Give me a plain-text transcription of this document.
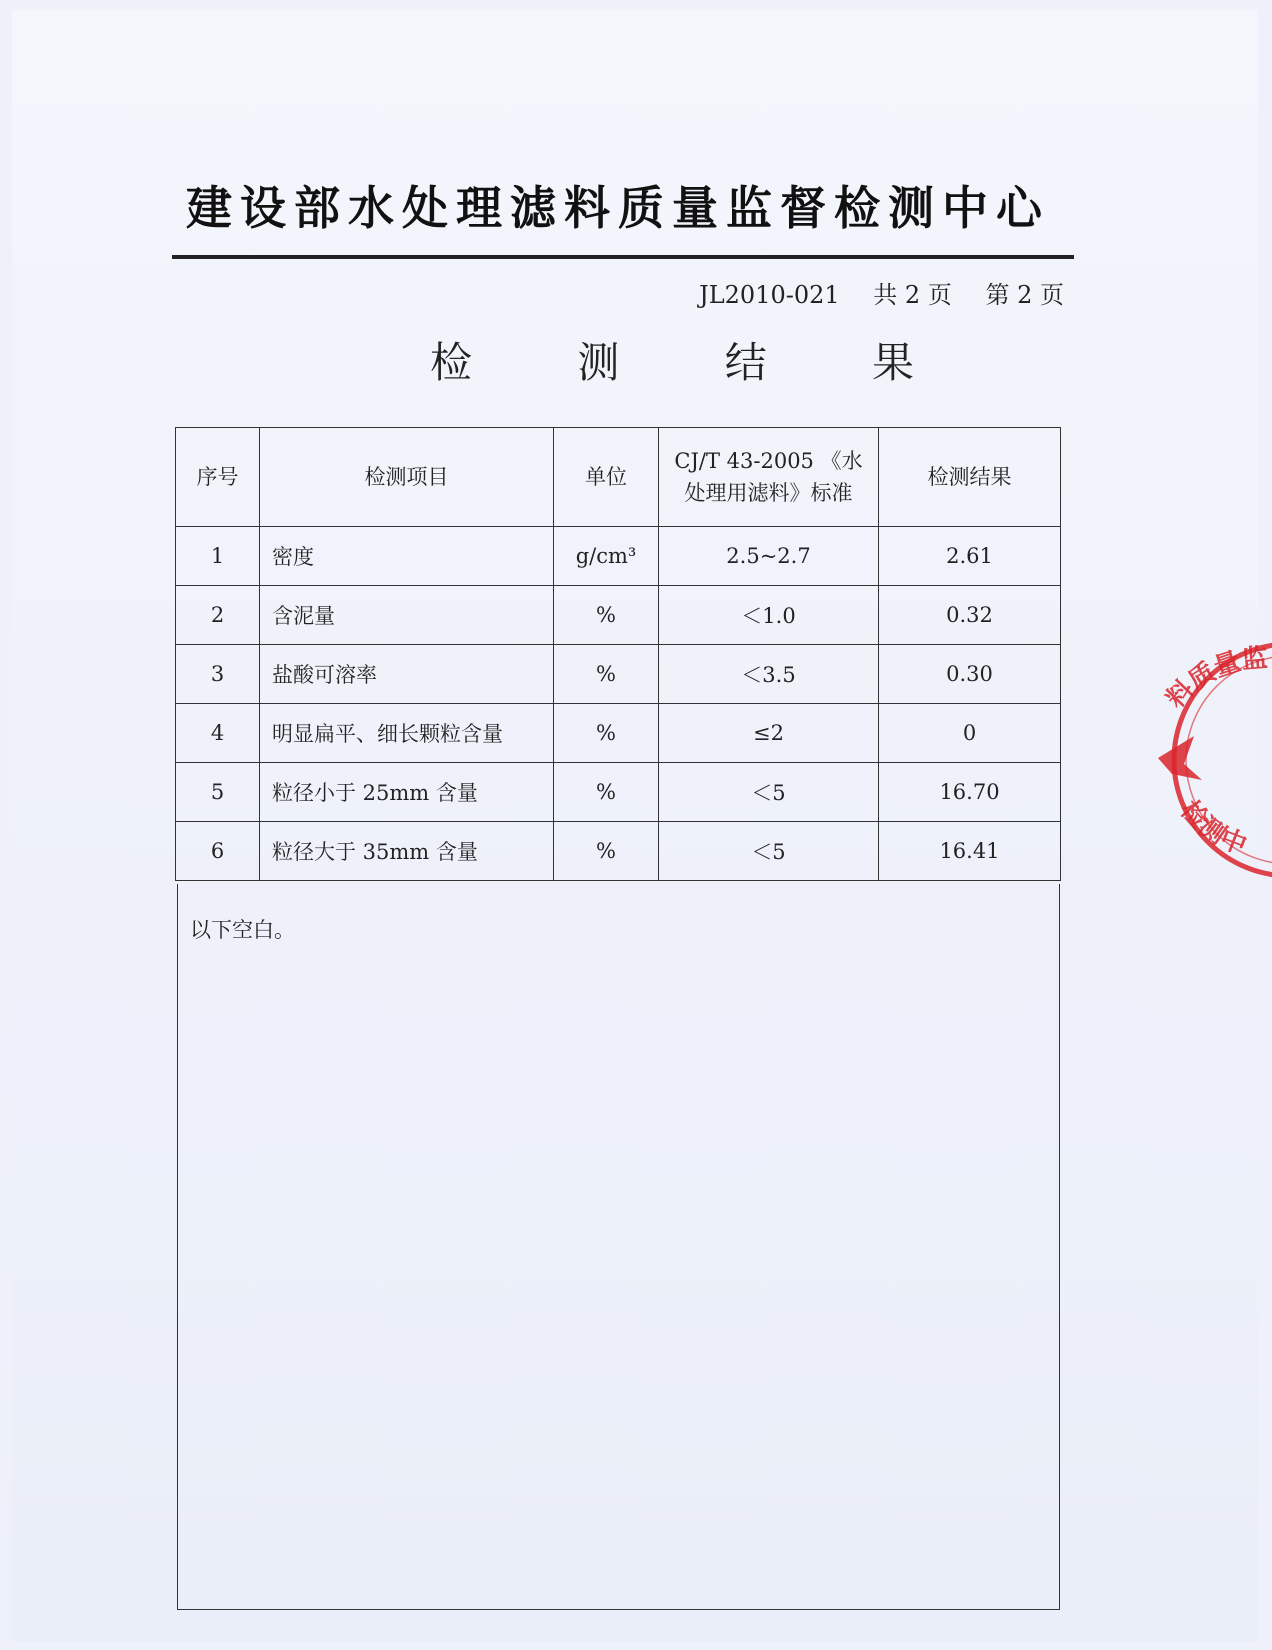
建设部水处理滤料质量监督检测中心
JL2010-021 共 2 页 第 2 页
检 测 结 果
序号	检测项目	单位	CJ/T 43-2005 《水处理用滤料》标准	检测结果
1	密度	g/cm³	2.5~2.7	2.61
2	含泥量	%	＜1.0	0.32
3	盐酸可溶率	%	＜3.5	0.30
4	明显扁平、细长颗粒含量	%	≤2	0
5	粒径小于 25mm 含量	%	＜5	16.70
6	粒径大于 35mm 含量	%	＜5	16.41
以下空白。
料质量监
检测中
